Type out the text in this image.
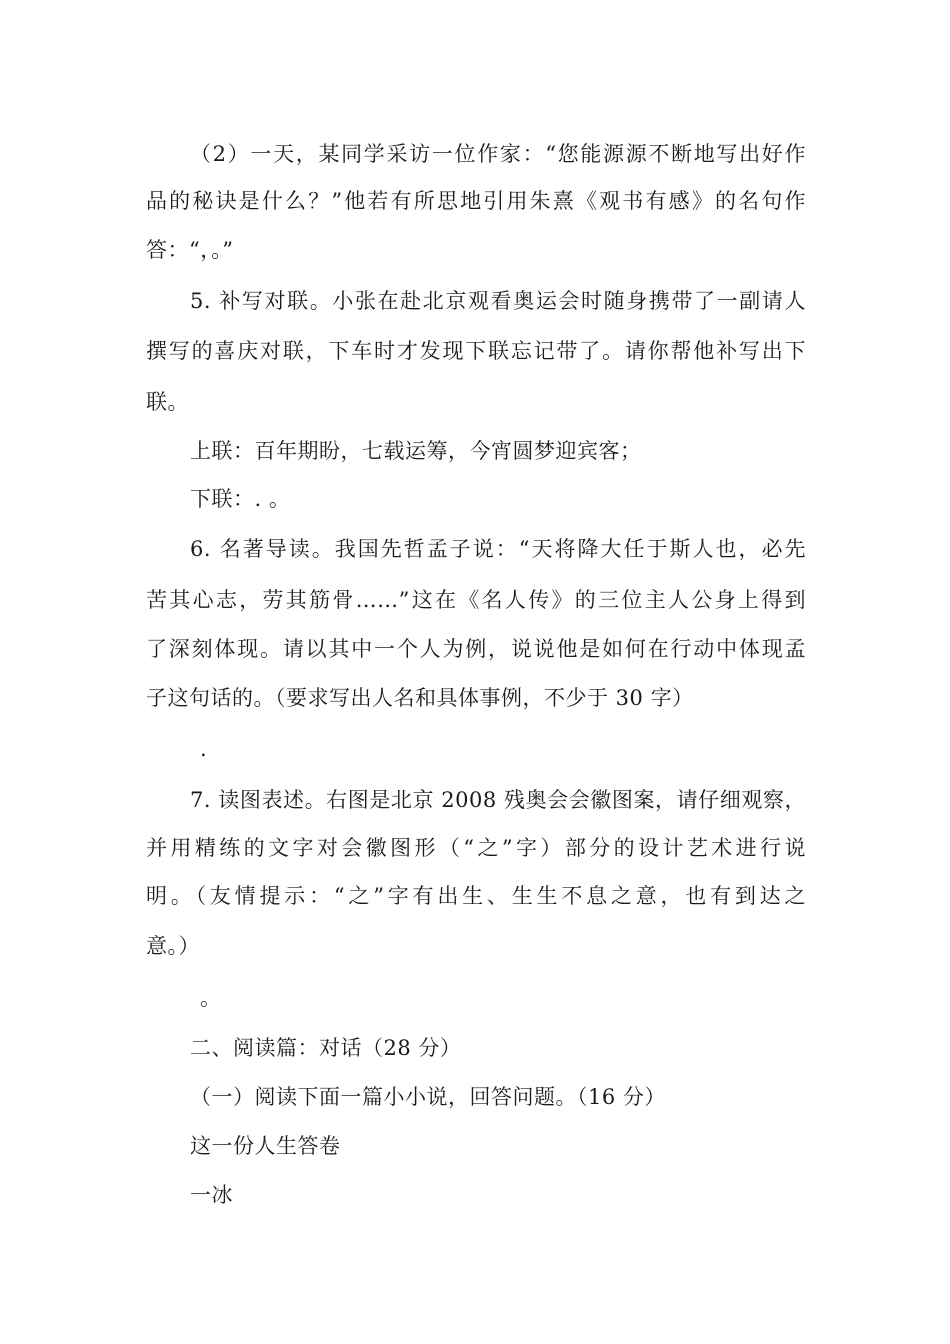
（2）一天，某同学采访一位作家：“您能源源不断地写出好作
品的秘诀是什么？”他若有所思地引用朱熹《观书有感》的名句作
答：“，。”
5. 补写对联。小张在赴北京观看奥运会时随身携带了一副请人
撰写的喜庆对联，下车时才发现下联忘记带了。请你帮他补写出下
联。
上联：百年期盼，七载运筹，今宵圆梦迎宾客；
下联：. 。
6. 名著导读。我国先哲孟子说：“天将降大任于斯人也，必先
苦其心志，劳其筋骨……”这在《名人传》的三位主人公身上得到
了深刻体现。请以其中一个人为例，说说他是如何在行动中体现孟
子这句话的。（要求写出人名和具体事例，不少于 30 字）
.
7. 读图表述。右图是北京 2008 残奥会会徽图案，请仔细观察，
并用精练的文字对会徽图形（“之”字）部分的设计艺术进行说
明。（友情提示：“之”字有出生、生生不息之意，也有到达之
意。）
。
二、阅读篇：对话（28 分）
（一）阅读下面一篇小小说，回答问题。（16 分）
这一份人生答卷
一冰
